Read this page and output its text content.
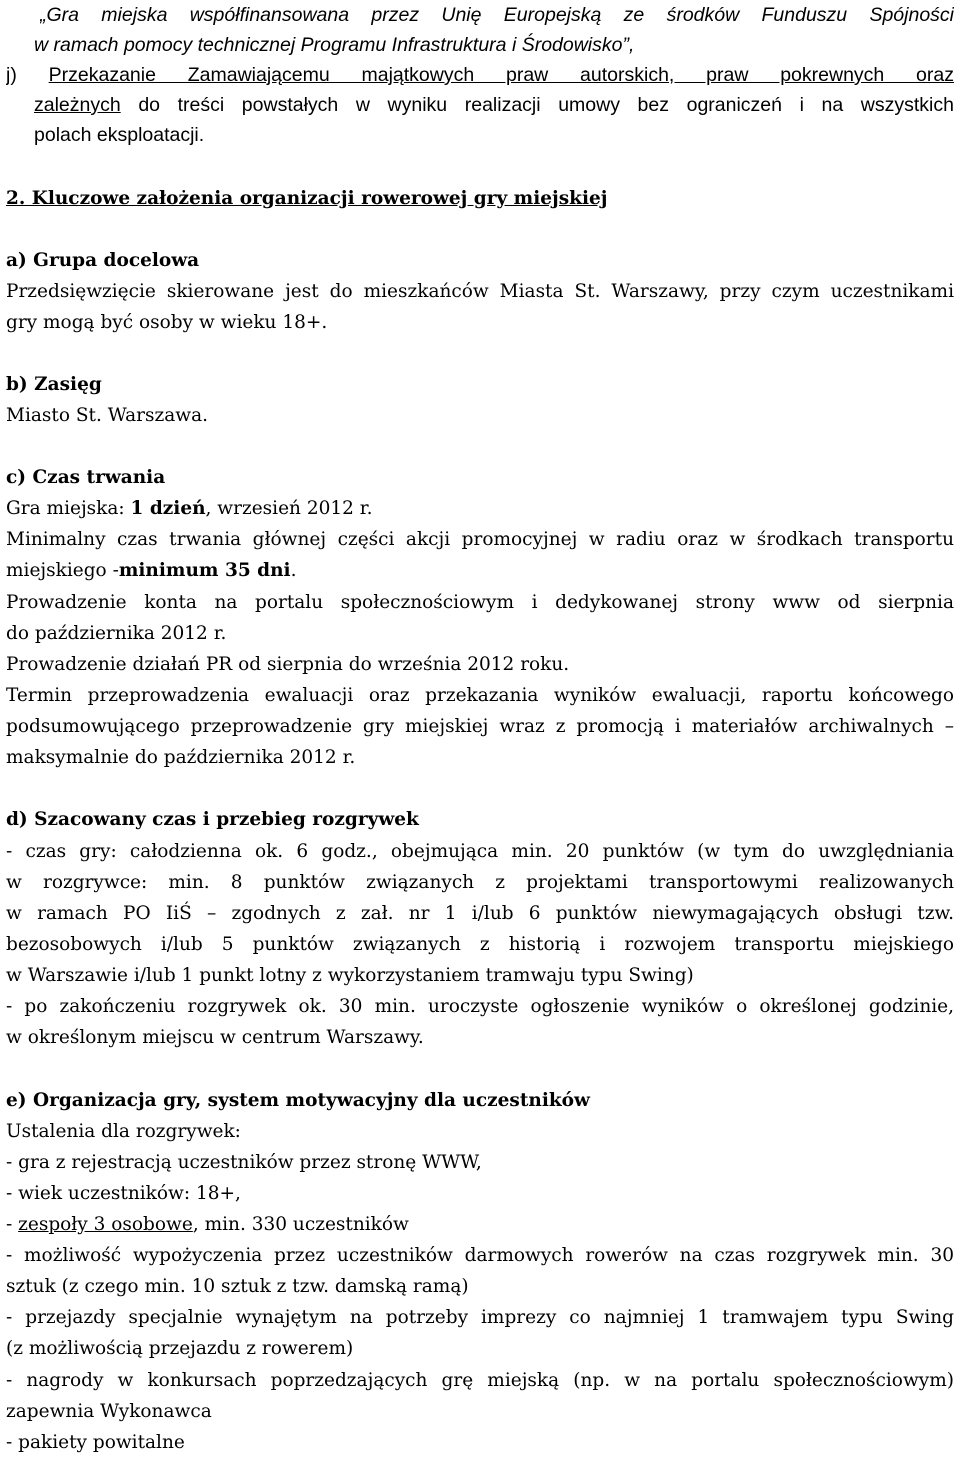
„Gra miejska współfinansowana przez Unię Europejską ze środków Funduszu Spójności
w ramach pomocy technicznej Programu Infrastruktura i Środowisko”,
j) Przekazanie Zamawiającemu majątkowych praw autorskich, praw pokrewnych oraz
zależnych do treści powstałych w wyniku realizacji umowy bez ograniczeń i na wszystkich
polach eksploatacji.
2. Kluczowe założenia organizacji rowerowej gry miejskiej
a) Grupa docelowa
Przedsięwzięcie skierowane jest do mieszkańców Miasta St. Warszawy, przy czym uczestnikami
gry mogą być osoby w wieku 18+.
b) Zasięg
Miasto St. Warszawa.
c) Czas trwania
Gra miejska: 1 dzień, wrzesień 2012 r.
Minimalny czas trwania głównej części akcji promocyjnej w radiu oraz w środkach transportu
miejskiego -minimum 35 dni.
Prowadzenie konta na portalu społecznościowym i dedykowanej strony www od sierpnia
do października 2012 r.
Prowadzenie działań PR od sierpnia do września 2012 roku.
Termin przeprowadzenia ewaluacji oraz przekazania wyników ewaluacji, raportu końcowego
podsumowującego przeprowadzenie gry miejskiej wraz z promocją i materiałów archiwalnych –
maksymalnie do października 2012 r.
d) Szacowany czas i przebieg rozgrywek
- czas gry: całodzienna ok. 6 godz., obejmująca min. 20 punktów (w tym do uwzględniania
w rozgrywce: min. 8 punktów związanych z projektami transportowymi realizowanych
w ramach PO IiŚ – zgodnych z zał. nr 1 i/lub 6 punktów niewymagających obsługi tzw.
bezosobowych i/lub 5 punktów związanych z historią i rozwojem transportu miejskiego
w Warszawie i/lub 1 punkt lotny z wykorzystaniem tramwaju typu Swing)
- po zakończeniu rozgrywek ok. 30 min. uroczyste ogłoszenie wyników o określonej godzinie,
w określonym miejscu w centrum Warszawy.
e) Organizacja gry, system motywacyjny dla uczestników
Ustalenia dla rozgrywek:
- gra z rejestracją uczestników przez stronę WWW,
- wiek uczestników: 18+,
- zespoły 3 osobowe, min. 330 uczestników
- możliwość wypożyczenia przez uczestników darmowych rowerów na czas rozgrywek min. 30
sztuk (z czego min. 10 sztuk z tzw. damską ramą)
- przejazdy specjalnie wynajętym na potrzeby imprezy co najmniej 1 tramwajem typu Swing
(z możliwością przejazdu z rowerem)
- nagrody w konkursach poprzedzających grę miejską (np. w na portalu społecznościowym)
zapewnia Wykonawca
- pakiety powitalne
